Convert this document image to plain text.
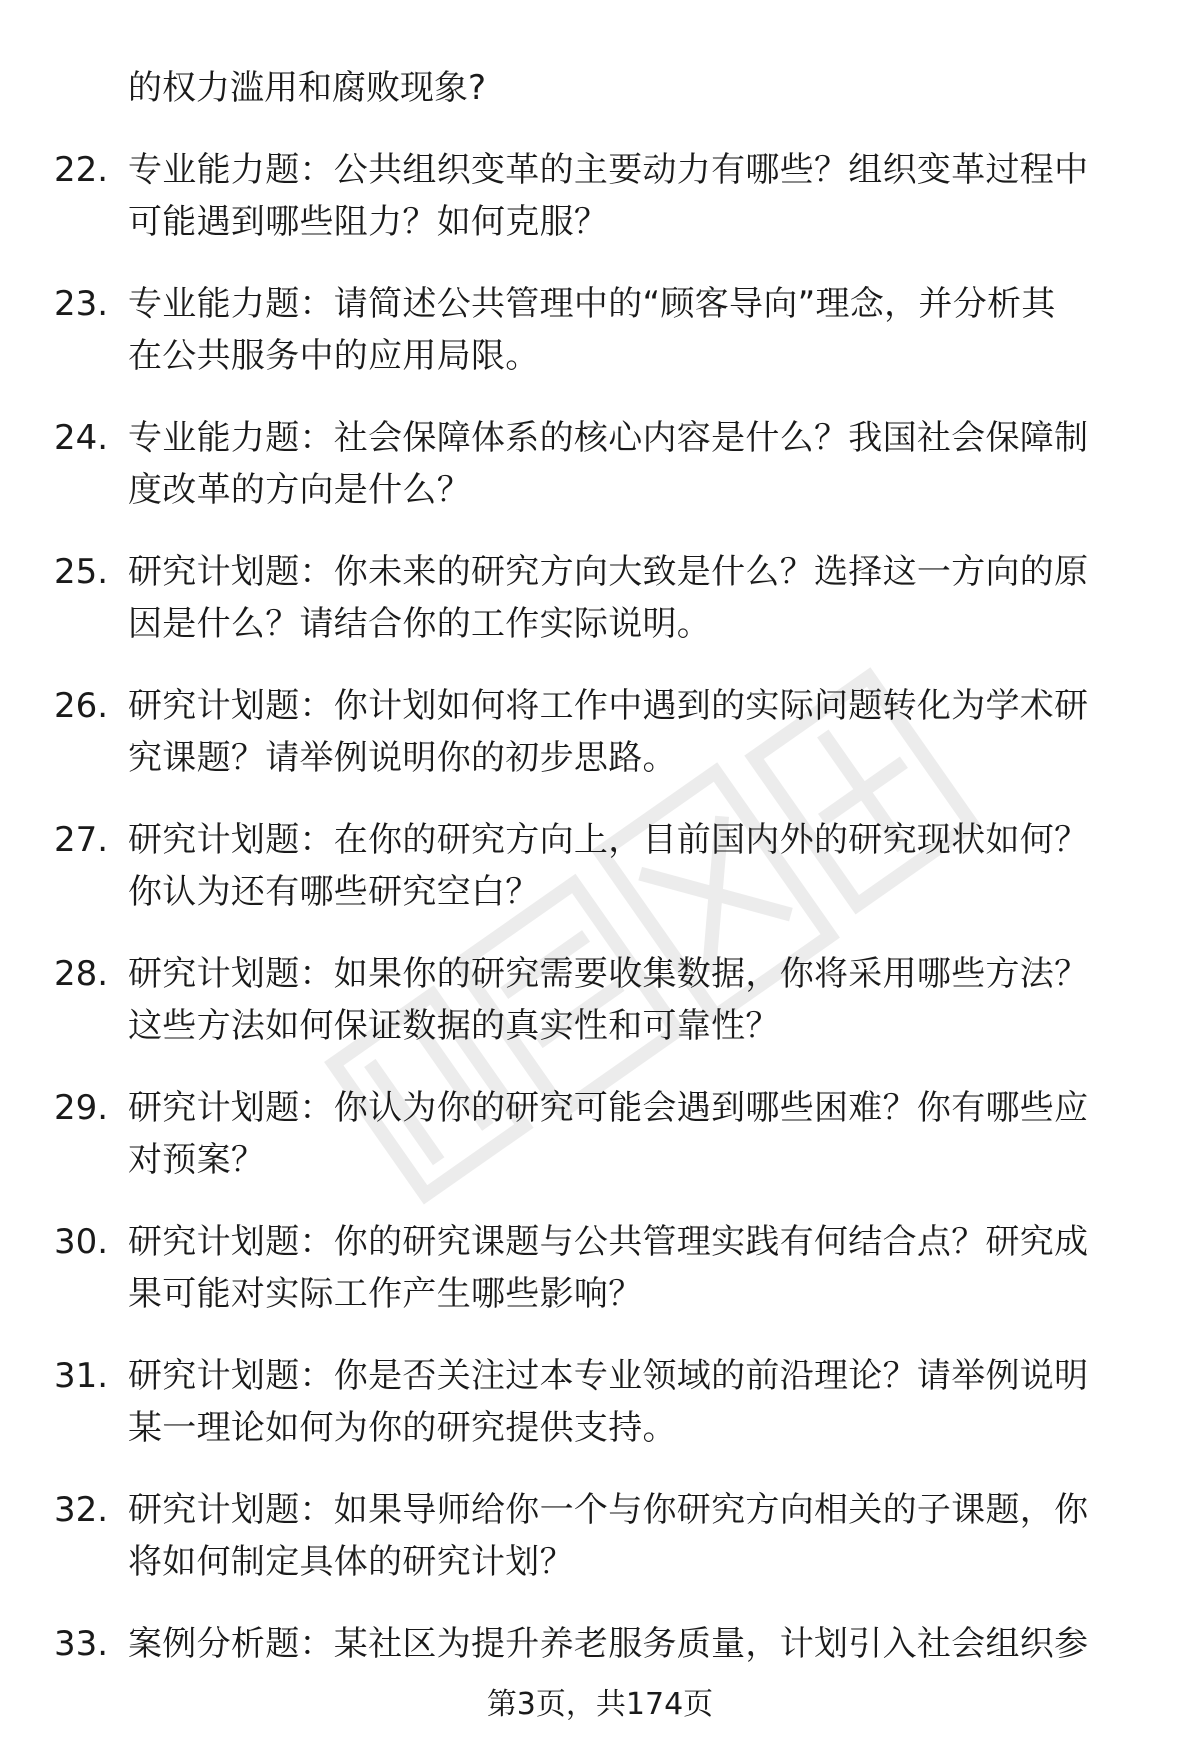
的权力滥用和腐败现象?
22. 专业能力题：公共组织变革的主要动力有哪些？组织变革过程中
可能遇到哪些阻力？如何克服？
23. 专业能力题：请简述公共管理中的“顾客导向”理念，并分析其
在公共服务中的应用局限。
24. 专业能力题：社会保障体系的核心内容是什么？我国社会保障制
度改革的方向是什么？
25. 研究计划题：你未来的研究方向大致是什么？选择这一方向的原
因是什么？请结合你的工作实际说明。
26. 研究计划题：你计划如何将工作中遇到的实际问题转化为学术研
究课题？请举例说明你的初步思路。
27. 研究计划题：在你的研究方向上，目前国内外的研究现状如何？
你认为还有哪些研究空白？
28. 研究计划题：如果你的研究需要收集数据，你将采用哪些方法？
这些方法如何保证数据的真实性和可靠性？
29. 研究计划题：你认为你的研究可能会遇到哪些困难？你有哪些应
对预案？
30. 研究计划题：你的研究课题与公共管理实践有何结合点？研究成
果可能对实际工作产生哪些影响？
31. 研究计划题：你是否关注过本专业领域的前沿理论？请举例说明
某一理论如何为你的研究提供支持。
32. 研究计划题：如果导师给你一个与你研究方向相关的子课题，你
将如何制定具体的研究计划？
33. 案例分析题：某社区为提升养老服务质量，计划引入社会组织参
第3页，共174页
